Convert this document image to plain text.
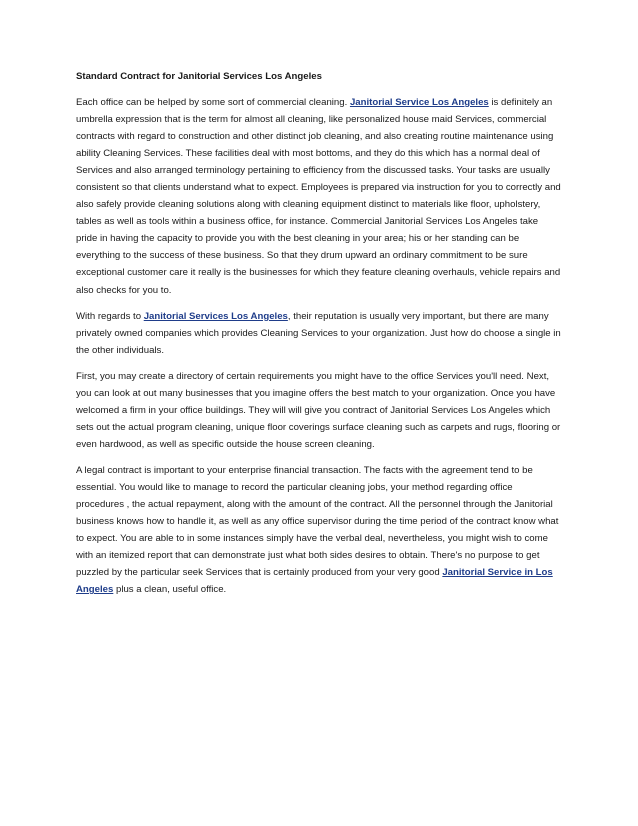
Standard Contract for Janitorial Services Los Angeles

Each office can be helped by some sort of commercial cleaning. Janitorial Service Los Angeles is definitely an umbrella expression that is the term for almost all cleaning, like personalized house maid Services, commercial contracts with regard to construction and other distinct job cleaning, and also creating routine maintenance using ability Cleaning Services. These facilities deal with most bottoms, and they do this which has a normal deal of Services and also arranged terminology pertaining to efficiency from the discussed tasks. Your tasks are usually consistent so that clients understand what to expect. Employees is prepared via instruction for you to correctly and also safely provide cleaning solutions along with cleaning equipment distinct to materials like floor, upholstery, tables as well as tools within a business office, for instance. Commercial Janitorial Services Los Angeles take pride in having the capacity to provide you with the best cleaning in your area; his or her standing can be everything to the success of these business. So that they drum upward an ordinary commitment to be sure exceptional customer care it really is the businesses for which they feature cleaning overhauls, vehicle repairs and also checks for you to.

With regards to Janitorial Services Los Angeles, their reputation is usually very important, but there are many privately owned companies which provides Cleaning Services to your organization. Just how do choose a single in the other individuals.

First, you may create a directory of certain requirements you might have to the office Services you'll need. Next, you can look at out many businesses that you imagine offers the best match to your organization. Once you have welcomed a firm in your office buildings. They will will give you contract of Janitorial Services Los Angeles which sets out the actual program cleaning, unique floor coverings surface cleaning such as carpets and rugs, flooring or even hardwood, as well as specific outside the house screen cleaning.

A legal contract is important to your enterprise financial transaction. The facts with the agreement tend to be essential. You would like to manage to record the particular cleaning jobs, your method regarding office procedures , the actual repayment, along with the amount of the contract. All the personnel through the Janitorial business knows how to handle it, as well as any office supervisor during the time period of the contract know what to expect. You are able to in some instances simply have the verbal deal, nevertheless, you might wish to come with an itemized report that can demonstrate just what both sides desires to obtain. There's no purpose to get puzzled by the particular seek Services that is certainly produced from your very good Janitorial Service in Los Angeles plus a clean, useful office.
